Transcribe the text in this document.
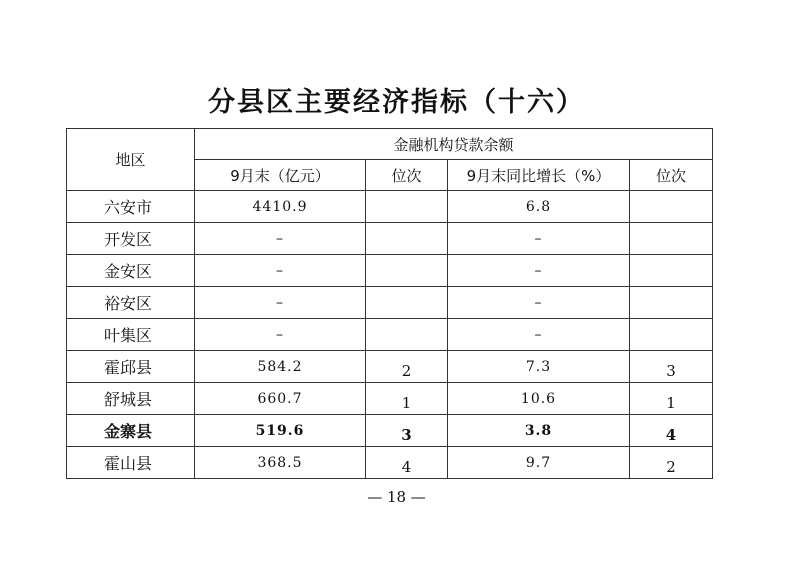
分县区主要经济指标（十六）
地区	金融机构贷款余额			
	9月末（亿元）	位次	9月末同比增长（%）	位次
六安市	4410.9		6.8	
开发区	–		–	
金安区	–		–	
裕安区	–		–	
叶集区	–		–	
霍邱县	584.2	2	7.3	3
舒城县	660.7	1	10.6	1
金寨县	519.6	3	3.8	4
霍山县	368.5	4	9.7	2
— 18 —
